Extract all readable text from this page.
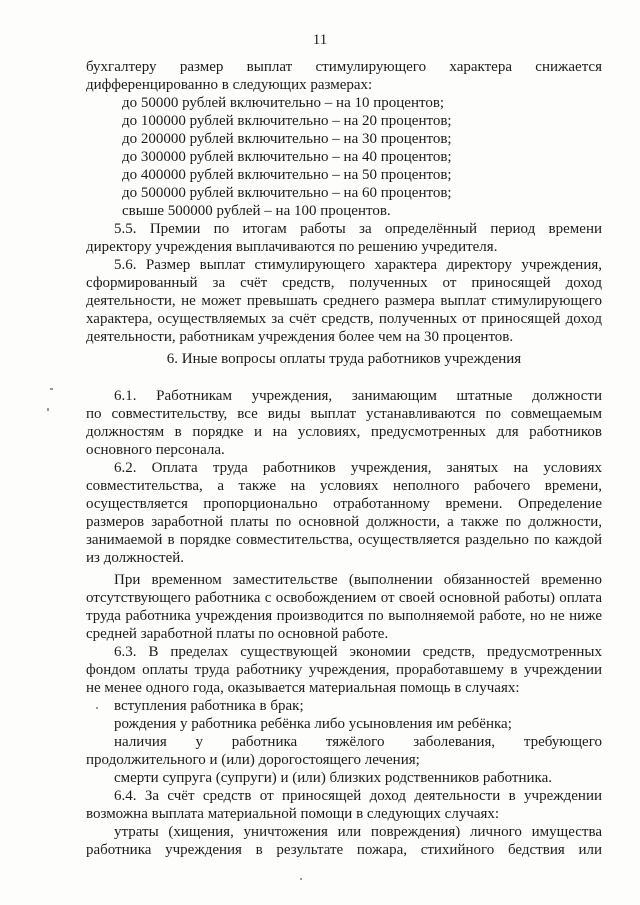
11

бухгалтеру размер выплат стимулирующего характера снижается

дифференцированно в следующих размерах:

до 50000 рублей включительно – на 10 процентов;

до 100000 рублей включительно – на 20 процентов;

до 200000 рублей включительно – на 30 процентов;

до 300000 рублей включительно – на 40 процентов;

до 400000 рублей включительно – на 50 процентов;

до 500000 рублей включительно – на 60 процентов;

свыше 500000 рублей – на 100 процентов.

5.5. Премии по итогам работы за определённый период времени

директору учреждения выплачиваются по решению учредителя.

5.6. Размер выплат стимулирующего характера директору учреждения,

сформированный за счёт средств, полученных от приносящей доход

деятельности, не может превышать среднего размера выплат стимулирующего

характера, осуществляемых за счёт средств, полученных от приносящей доход

деятельности, работникам учреждения более чем на 30 процентов.

6. Иные вопросы оплаты труда работников учреждения

6.1. Работникам учреждения, занимающим штатные должности

по совместительству, все виды выплат устанавливаются по совмещаемым

должностям в порядке и на условиях, предусмотренных для работников

основного персонала.

6.2. Оплата труда работников учреждения, занятых на условиях

совместительства, а также на условиях неполного рабочего времени,

осуществляется пропорционально отработанному времени. Определение

размеров заработной платы по основной должности, а также по должности,

занимаемой в порядке совместительства, осуществляется раздельно по каждой

из должностей.

При временном заместительстве (выполнении обязанностей временно

отсутствующего работника с освобождением от своей основной работы) оплата

труда работника учреждения производится по выполняемой работе, но не ниже

средней заработной платы по основной работе.

6.3. В пределах существующей экономии средств, предусмотренных

фондом оплаты труда работнику учреждения, проработавшему в учреждении

не менее одного года, оказывается материальная помощь в случаях:

вступления работника в брак;

рождения у работника ребёнка либо усыновления им ребёнка;

наличия у работника тяжёлого заболевания, требующего

продолжительного и (или) дорогостоящего лечения;

смерти супруга (супруги) и (или) близких родственников работника.

6.4. За счёт средств от приносящей доход деятельности в учреждении

возможна выплата материальной помощи в следующих случаях:

утраты (хищения, уничтожения или повреждения) личного имущества

работника учреждения в результате пожара, стихийного бедствия или
